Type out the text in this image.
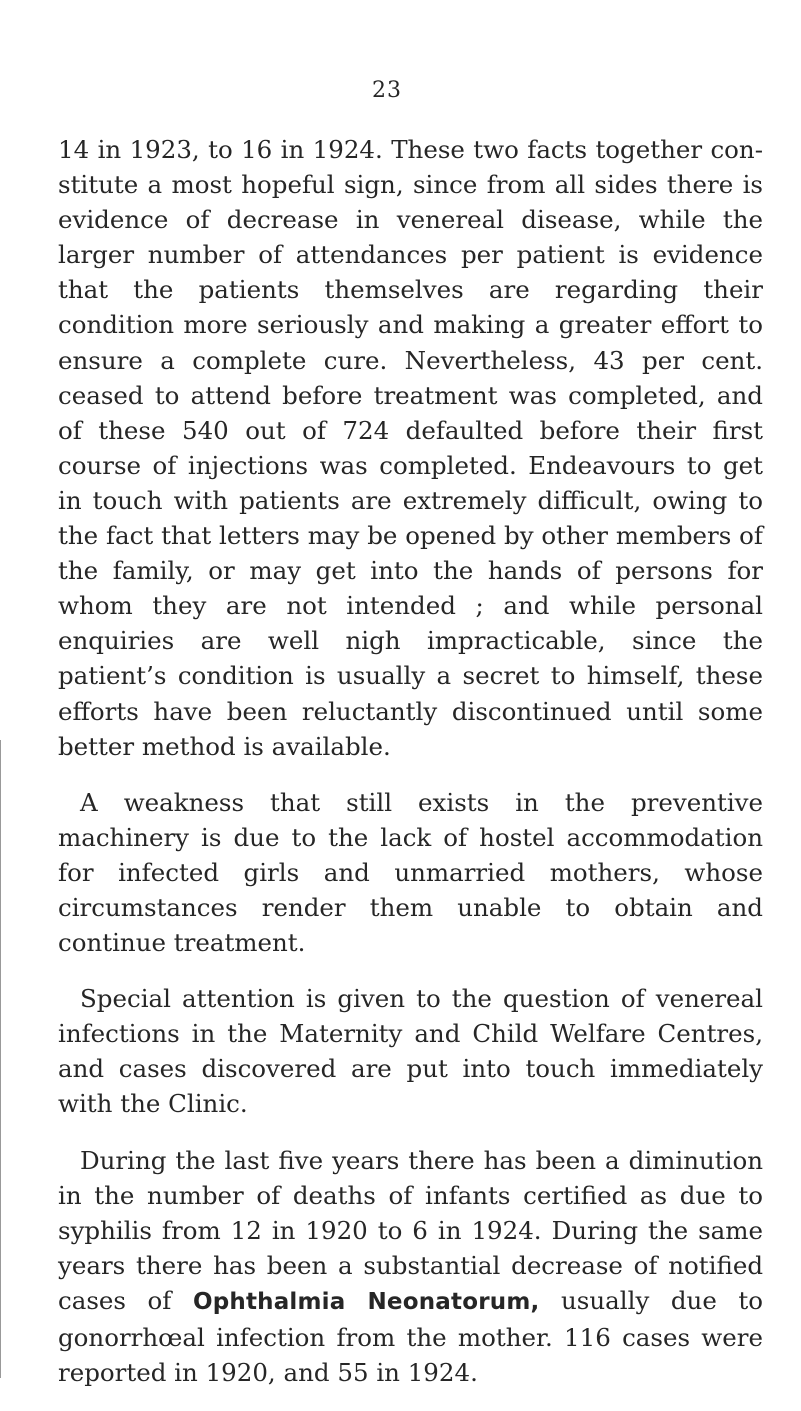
23

14 in 1923, to 16 in 1924. These two facts together constitute a most hopeful sign, since from all sides there is evidence of decrease in venereal disease, while the larger number of attendances per patient is evidence that the patients themselves are regarding their condition more seriously and making a greater effort to ensure a complete cure. Nevertheless, 43 per cent. ceased to attend before treatment was completed, and of these 540 out of 724 defaulted before their first course of injections was completed. Endeavours to get in touch with patients are extremely difficult, owing to the fact that letters may be opened by other members of the family, or may get into the hands of persons for whom they are not intended ; and while personal enquiries are well nigh impracticable, since the patient’s condition is usually a secret to himself, these efforts have been reluctantly discontinued until some better method is available.

A weakness that still exists in the preventive machinery is due to the lack of hostel accommodation for infected girls and unmarried mothers, whose circumstances render them unable to obtain and continue treatment.

Special attention is given to the question of venereal infections in the Maternity and Child Welfare Centres, and cases discovered are put into touch immediately with the Clinic.

During the last five years there has been a diminution in the number of deaths of infants certified as due to syphilis from 12 in 1920 to 6 in 1924. During the same years there has been a substantial decrease of notified cases of Ophthalmia Neonatorum, usually due to gonorrhœal infection from the mother. 116 cases were reported in 1920, and 55 in 1924.
